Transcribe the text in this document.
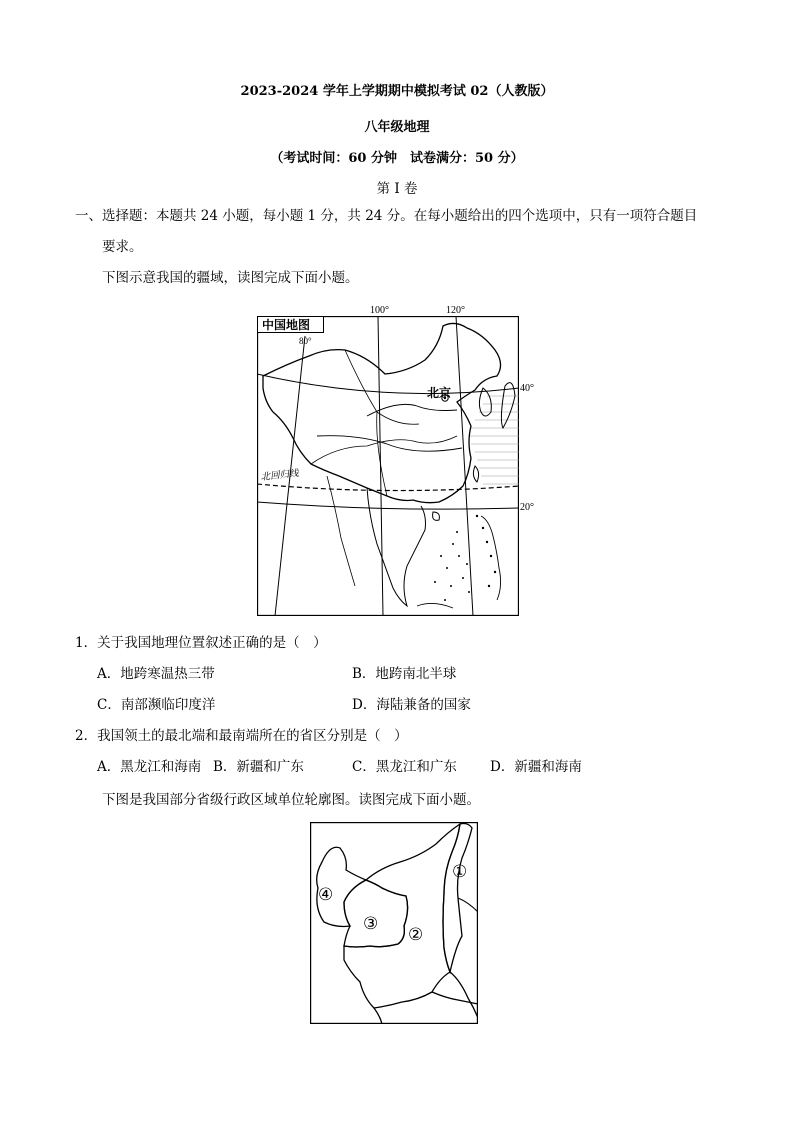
2023-2024 学年上学期期中模拟考试 02（人教版）
八年级地理
（考试时间：60 分钟　试卷满分：50 分）
第 I 卷
一、选择题：本题共 24 小题，每小题 1 分，共 24 分。在每小题给出的四个选项中，只有一项符合题目
要求。
下图示意我国的疆域，读图完成下面小题。
中国地图
北京
北回归线
80°
100°	120°
40°
20°
1．关于我国地理位置叙述正确的是（　）
A．地跨寒温热三带	B．地跨南北半球
C．南部濒临印度洋	D．海陆兼备的国家
2．我国领土的最北端和最南端所在的省区分别是（　）
A．黑龙江和海南 B．新疆和广东	C．黑龙江和广东 D．新疆和海南
下图是我国部分省级行政区域单位轮廓图。读图完成下面小题。
④
③
②
①
